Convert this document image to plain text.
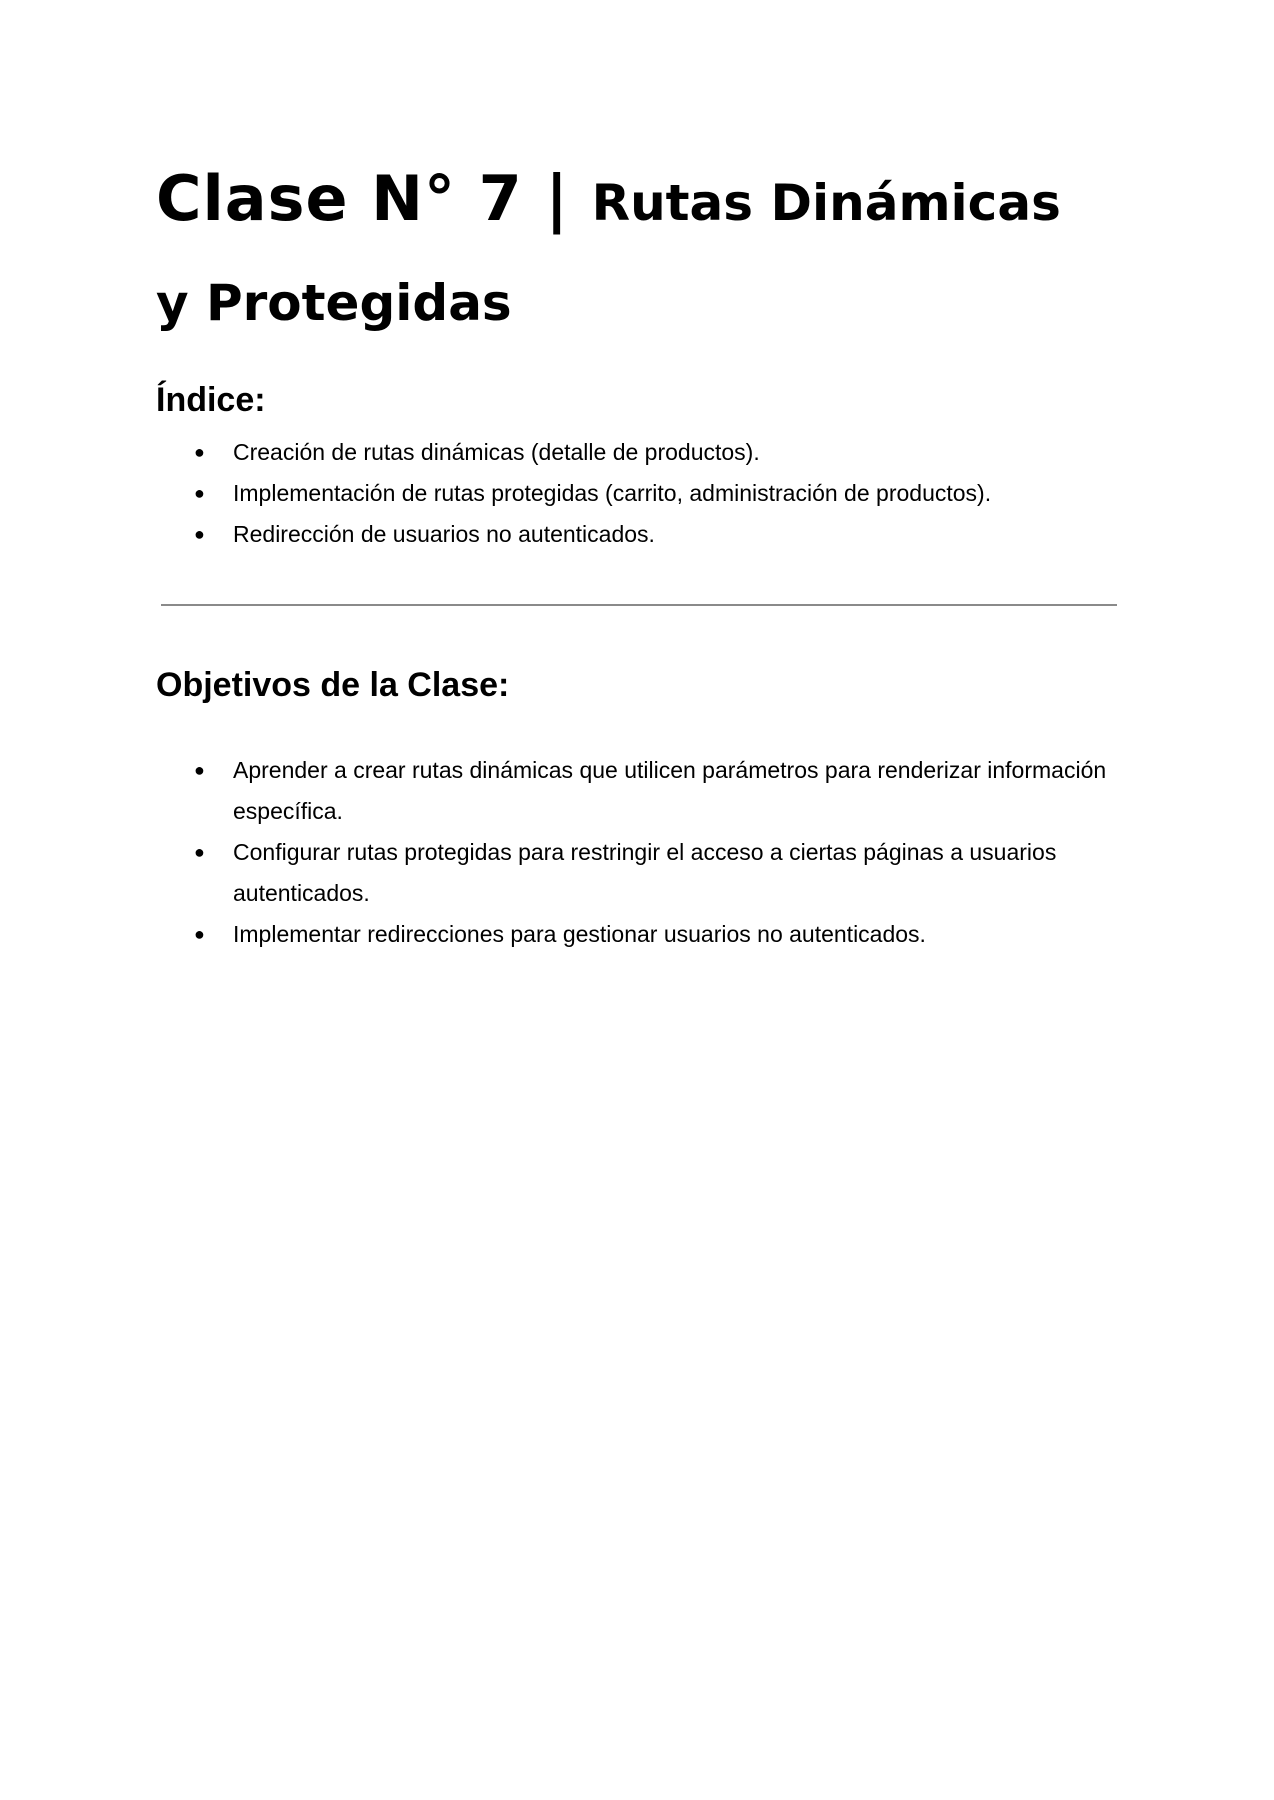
Clase N° 7 | Rutas Dinámicas
y Protegidas
Índice:
● Creación de rutas dinámicas (detalle de productos).
● Implementación de rutas protegidas (carrito, administración de productos).
● Redirección de usuarios no autenticados.
Objetivos de la Clase:
● Aprender a crear rutas dinámicas que utilicen parámetros para renderizar información específica.
● Configurar rutas protegidas para restringir el acceso a ciertas páginas a usuarios autenticados.
● Implementar redirecciones para gestionar usuarios no autenticados.
